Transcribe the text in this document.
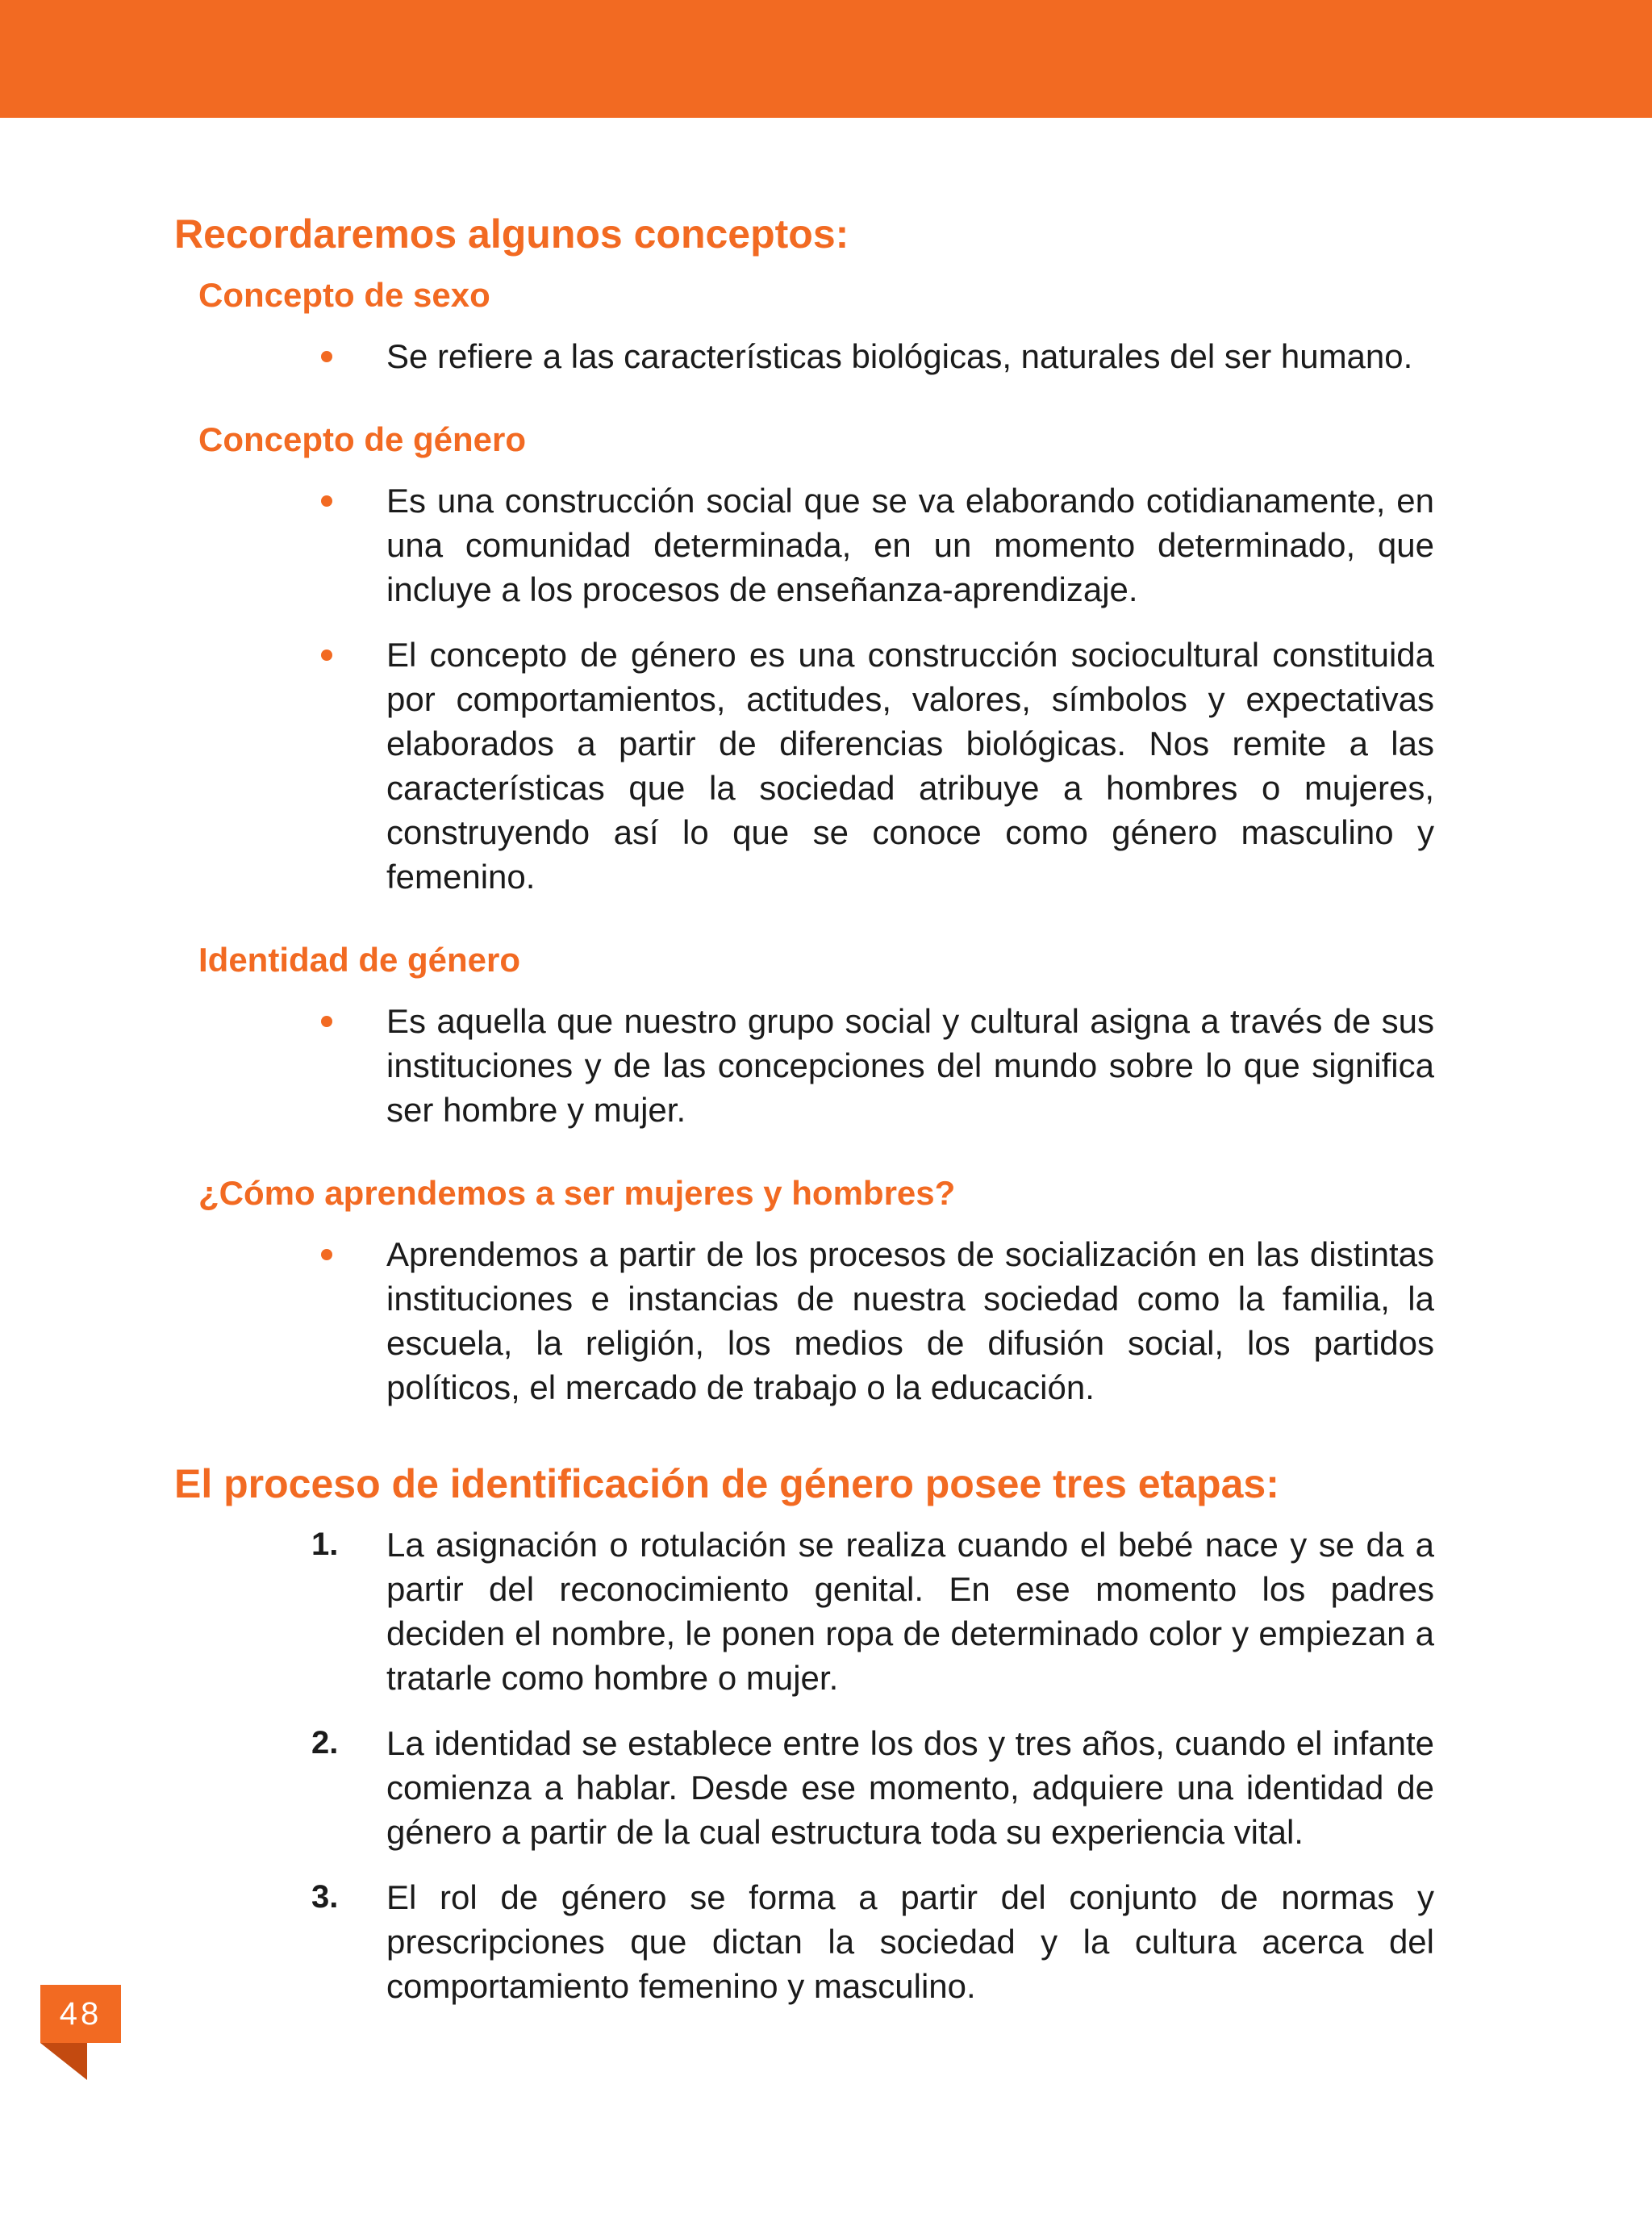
Recordaremos algunos conceptos:
Concepto de sexo
Se refiere a las características biológicas, naturales del ser humano.
Concepto de género
Es una construcción social que se va elaborando cotidianamente, en una comunidad determinada, en un momento determinado, que incluye a los procesos de enseñanza-aprendizaje.
El concepto de género es una construcción sociocultural constituida por comportamientos, actitudes, valores, símbolos y expectativas elaborados a partir de diferencias biológicas. Nos remite a las características que la sociedad atribuye a hombres o mujeres, construyendo así lo que se conoce como género masculino y femenino.
Identidad de género
Es aquella que nuestro grupo social y cultural asigna a través de sus instituciones y de las concepciones del mundo sobre lo que significa ser hombre y mujer.
¿Cómo aprendemos a ser mujeres y hombres?
Aprendemos a partir de los procesos de socialización en las distintas instituciones e instancias de nuestra sociedad como la familia, la escuela, la religión, los medios de difusión social, los partidos políticos, el mercado de trabajo o la educación.
El proceso de identificación de género posee tres etapas:
1. La asignación o rotulación se realiza cuando el bebé nace y se da a partir del reconocimiento genital. En ese momento los padres deciden el nombre, le ponen ropa de determinado color y empiezan a tratarle como hombre o mujer.
2. La identidad se establece entre los dos y tres años, cuando el infante comienza a hablar. Desde ese momento, adquiere una identidad de género a partir de la cual estructura toda su experiencia vital.
3. El rol de género se forma a partir del conjunto de normas y prescripciones que dictan la sociedad y la cultura acerca del comportamiento femenino y masculino.
48
